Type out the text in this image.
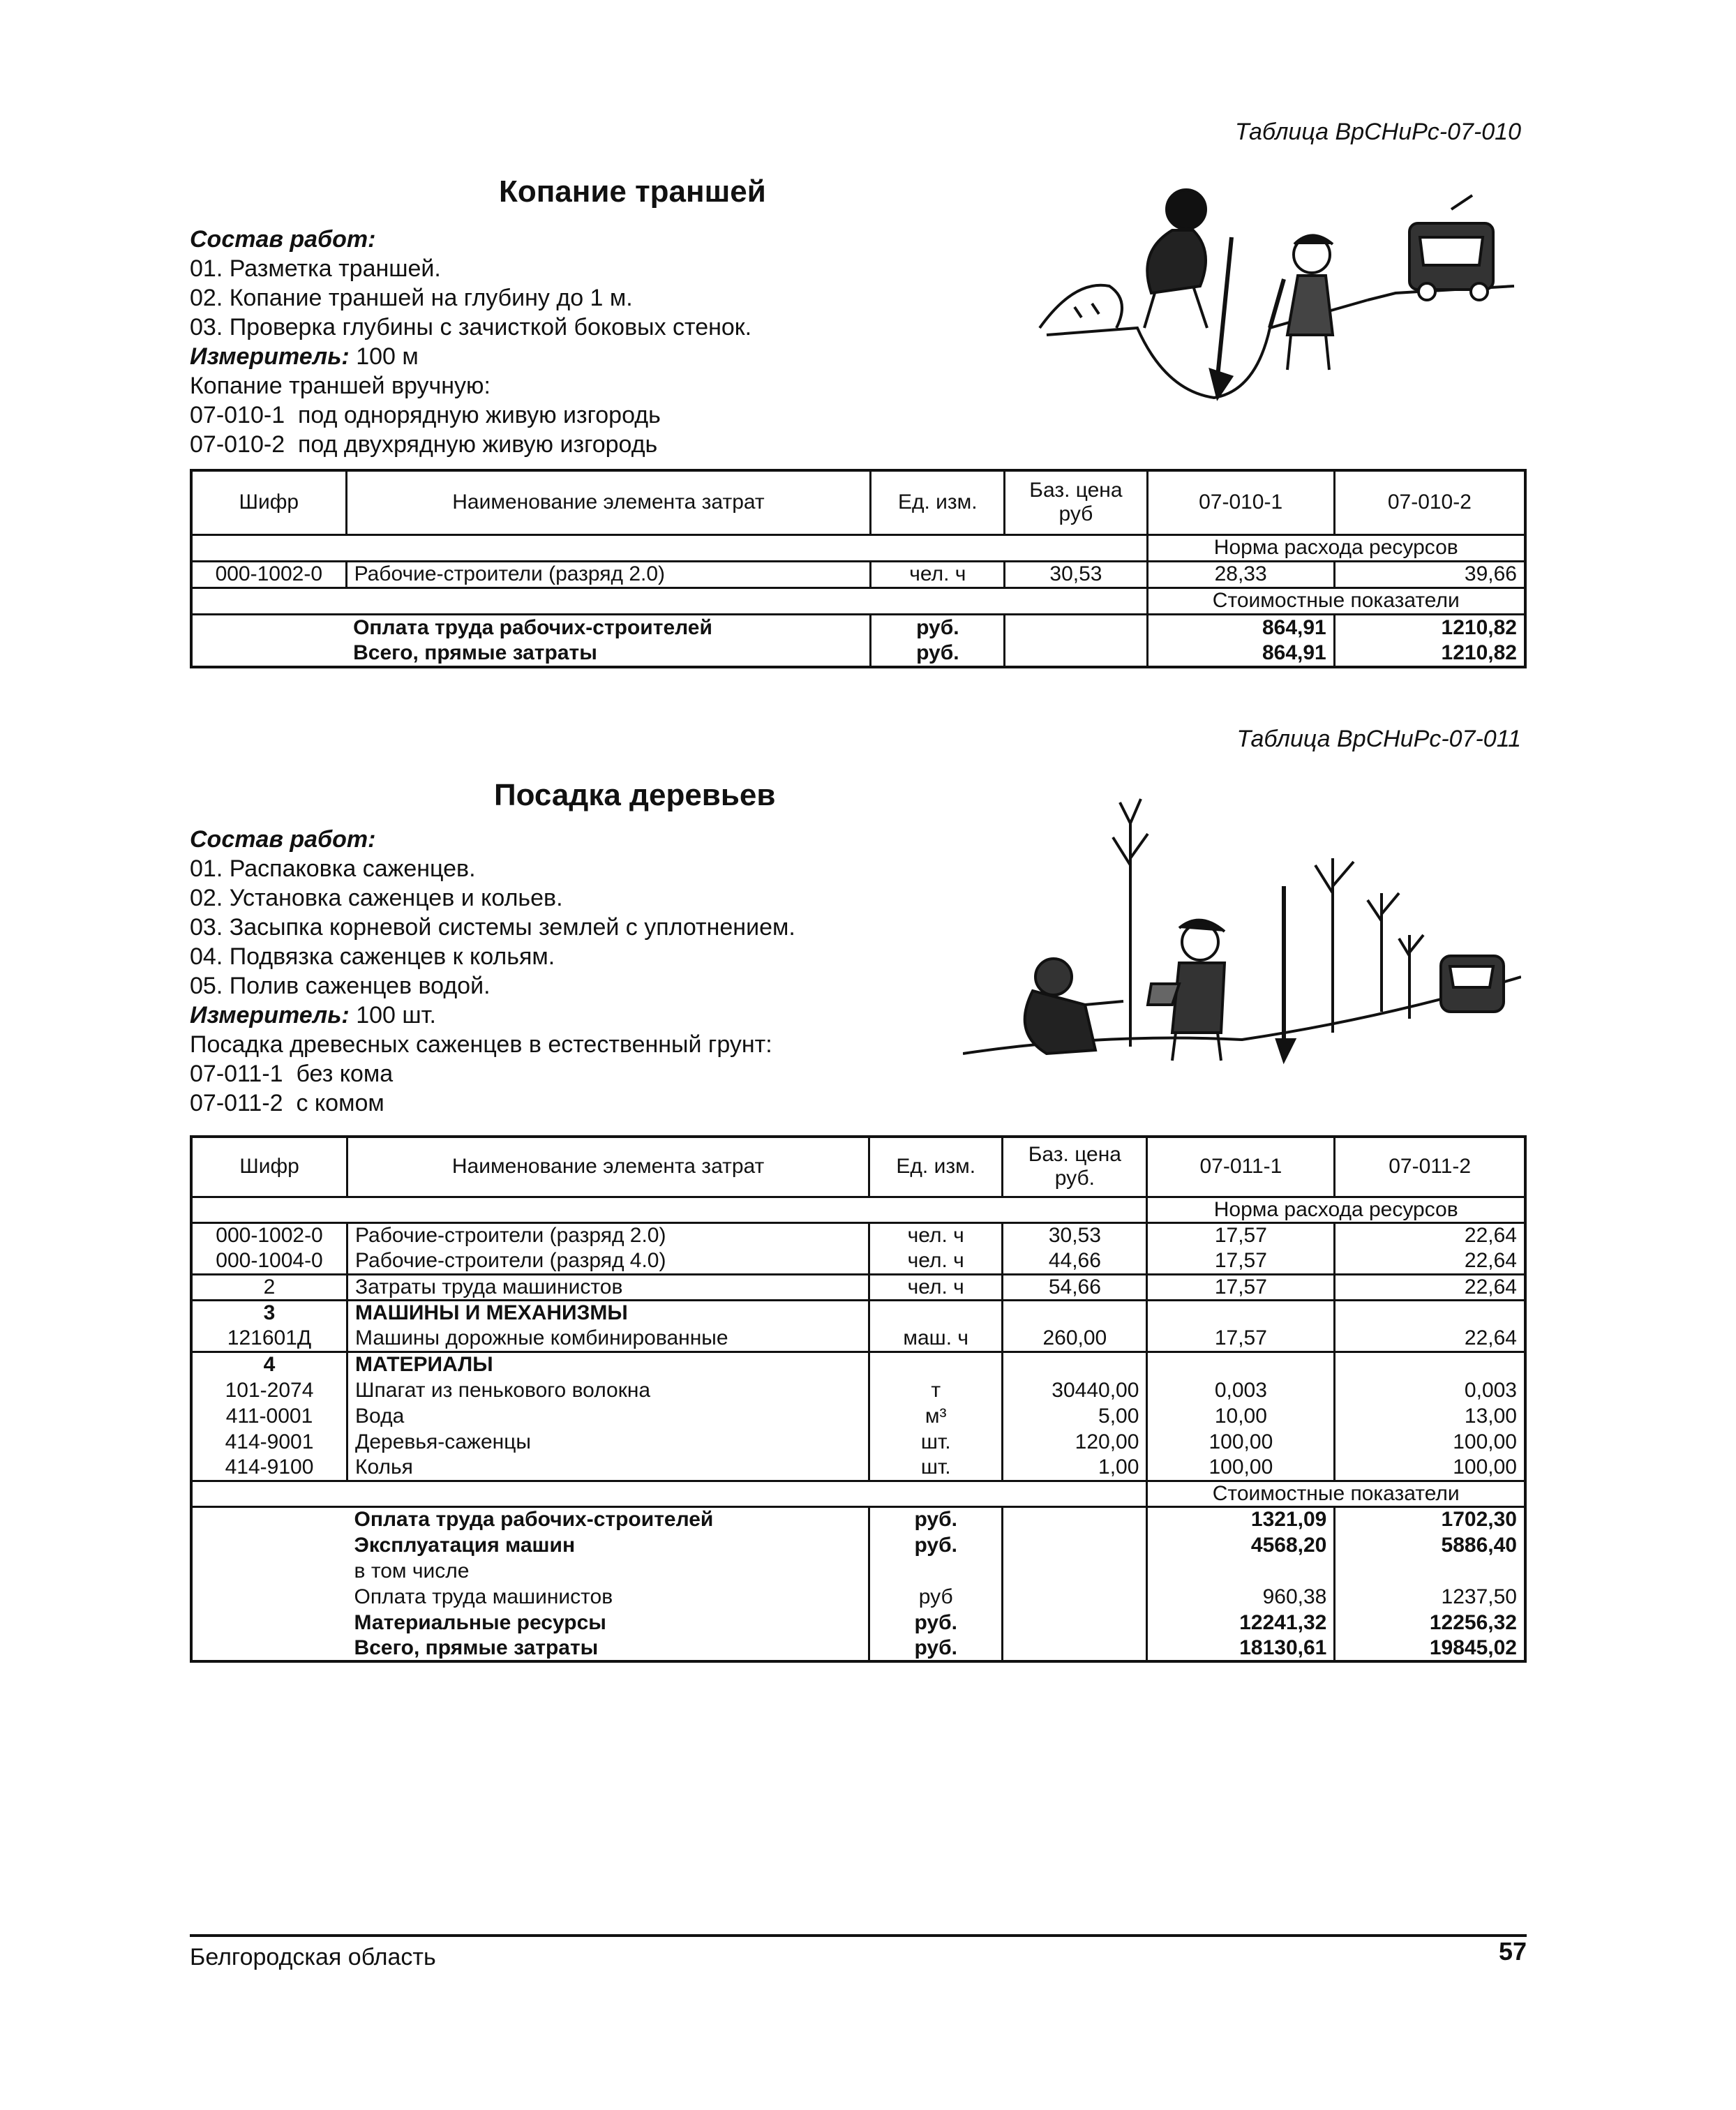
Таблица ВрСНиРс-07-010
Копание траншей
Состав работ:
01. Разметка траншей.
02. Копание траншей на глубину до 1 м.
03. Проверка глубины с зачисткой боковых стенок.
Измеритель: 100 м
Копание траншей вручную:
07-010-1  под однорядную живую изгородь
07-010-2  под двухрядную живую изгородь
Шифр	Наименование элемента затрат	Ед. изм.	Баз. цена руб	07-010-1	07-010-2
				Норма расхода ресурсов	
000-1002-0	Рабочие-строители (разряд 2.0)	чел. ч	30,53	28,33	39,66
				Стоимостные показатели	
	Оплата труда рабочих-строителей	руб.		864,91	1210,82
	Всего, прямые затраты	руб.		864,91	1210,82
Таблица ВрСНиРс-07-011
Посадка деревьев
Состав работ:
01. Распаковка саженцев.
02. Установка саженцев и кольев.
03. Засыпка корневой системы землей с уплотнением.
04. Подвязка саженцев к кольям.
05. Полив саженцев водой.
Измеритель: 100 шт.
Посадка древесных саженцев в естественный грунт:
07-011-1  без кома
07-011-2  с комом
Шифр	Наименование элемента затрат	Ед. изм.	Баз. цена руб.	07-011-1	07-011-2
				Норма расхода ресурсов	
000-1002-0	Рабочие-строители (разряд 2.0)	чел. ч	30,53	17,57	22,64
000-1004-0	Рабочие-строители (разряд 4.0)	чел. ч	44,66	17,57	22,64
2	Затраты труда машинистов	чел. ч	54,66	17,57	22,64
3	МАШИНЫ И МЕХАНИЗМЫ				
121601Д	Машины дорожные комбинированные	маш. ч	260,00	17,57	22,64
4	МАТЕРИАЛЫ				
101-2074	Шпагат из пенькового волокна	т	30440,00	0,003	0,003
411-0001	Вода	м³	5,00	10,00	13,00
414-9001	Деревья-саженцы	шт.	120,00	100,00	100,00
414-9100	Колья	шт.	1,00	100,00	100,00
				Стоимостные показатели	
	Оплата труда рабочих-строителей	руб.		1321,09	1702,30
	Эксплуатация машин	руб.		4568,20	5886,40
	в том числе				
	Оплата труда машинистов	руб		960,38	1237,50
	Материальные ресурсы	руб.		12241,32	12256,32
	Всего, прямые затраты	руб.		18130,61	19845,02
Белгородская область	57
